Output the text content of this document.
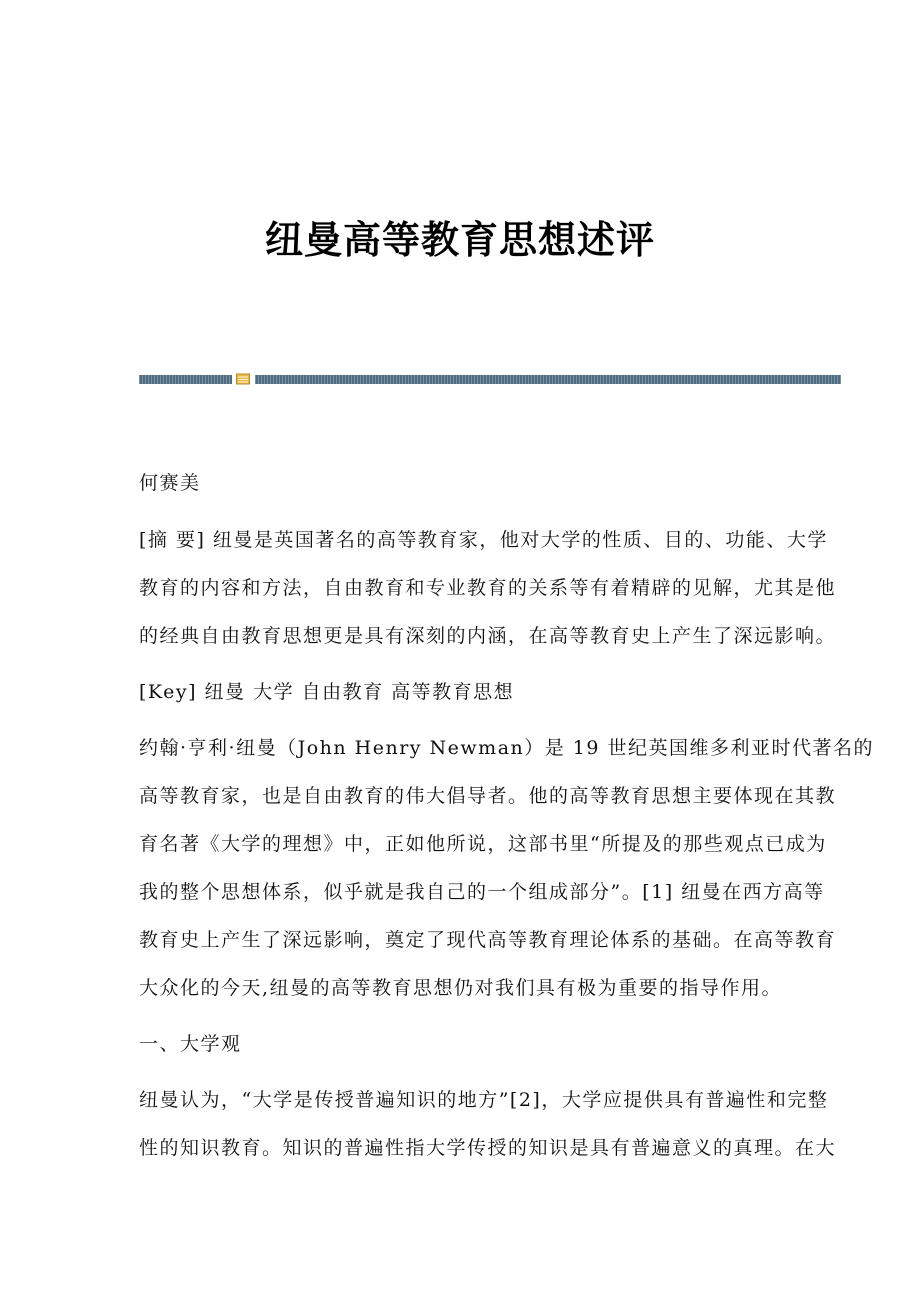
纽曼高等教育思想述评
何赛美
[摘 要] 纽曼是英国著名的高等教育家，他对大学的性质、目的、功能、大学
教育的内容和方法，自由教育和专业教育的关系等有着精辟的见解，尤其是他
的经典自由教育思想更是具有深刻的内涵，在高等教育史上产生了深远影响。
[Key] 纽曼 大学 自由教育 高等教育思想
约翰·亨利·纽曼（John Henry Newman）是 19 世纪英国维多利亚时代著名的
高等教育家，也是自由教育的伟大倡导者。他的高等教育思想主要体现在其教
育名著《大学的理想》中，正如他所说，这部书里“所提及的那些观点已成为
我的整个思想体系，似乎就是我自己的一个组成部分”。[1] 纽曼在西方高等
教育史上产生了深远影响，奠定了现代高等教育理论体系的基础。在高等教育
大众化的今天,纽曼的高等教育思想仍对我们具有极为重要的指导作用。
一、大学观
纽曼认为，“大学是传授普遍知识的地方”[2]，大学应提供具有普遍性和完整
性的知识教育。知识的普遍性指大学传授的知识是具有普遍意义的真理。在大
